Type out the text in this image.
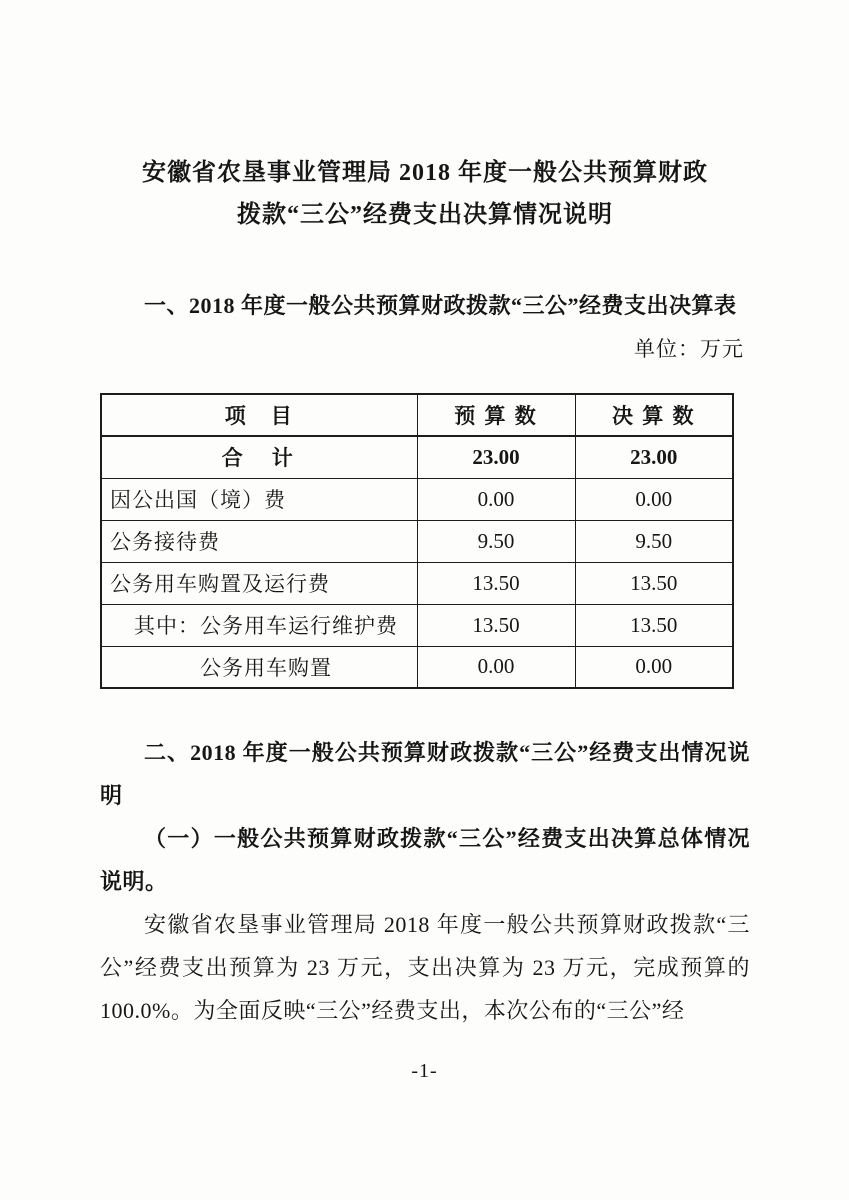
安徽省农垦事业管理局 2018 年度一般公共预算财政
拨款“三公”经费支出决算情况说明

一、2018 年度一般公共预算财政拨款“三公”经费支出决算表

单位：万元
项　目	预 算 数	决 算 数
合　计	23.00	23.00
因公出国（境）费	0.00	0.00
公务接待费	9.50	9.50
公务用车购置及运行费	13.50	13.50
其中：公务用车运行维护费	13.50	13.50
公务用车购置	0.00	0.00

二、2018 年度一般公共预算财政拨款“三公”经费支出情况说明

（一）一般公共预算财政拨款“三公”经费支出决算总体情况说明。

安徽省农垦事业管理局 2018 年度一般公共预算财政拨款“三公”经费支出预算为 23 万元，支出决算为 23 万元，完成预算的 100.0%。为全面反映“三公”经费支出，本次公布的“三公”经

-1-
